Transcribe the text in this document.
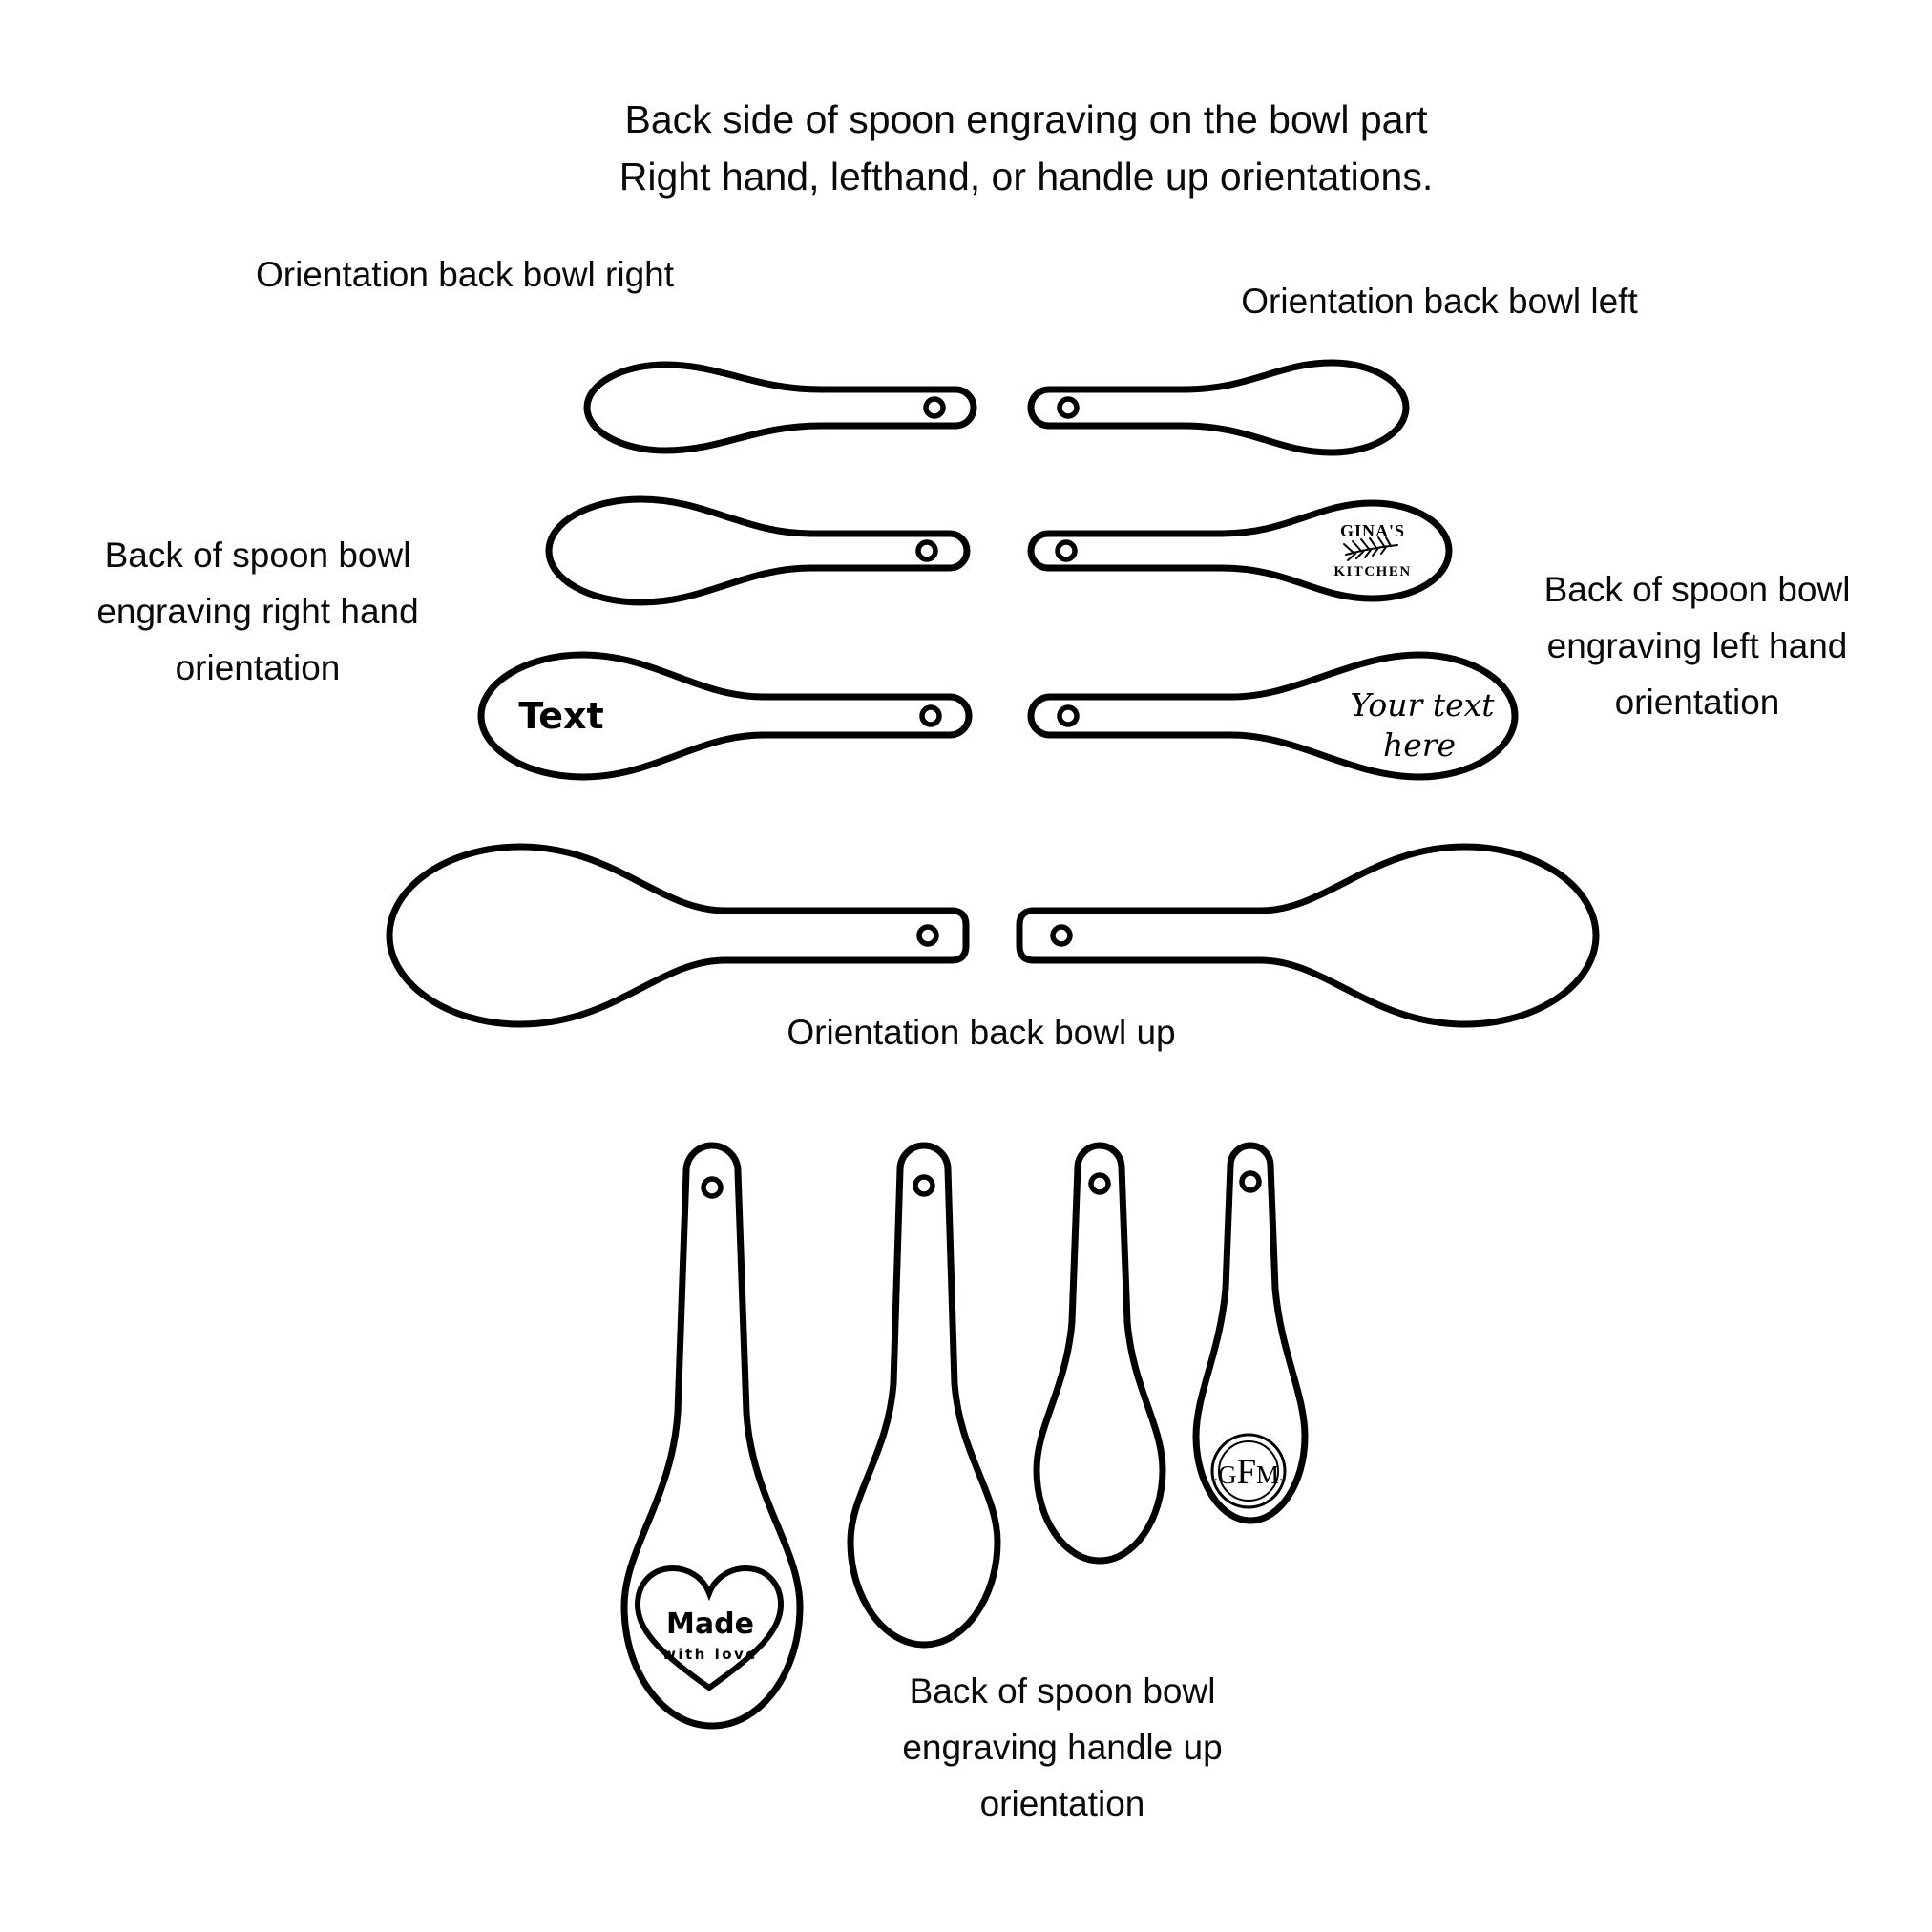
Back side of spoon engraving on the bowl part
Right hand, lefthand, or handle up orientations.
Orientation back bowl right
Orientation back bowl left
Back of spoon bowl
engraving right hand
orientation
Back of spoon bowl
engraving left hand
orientation
Orientation back bowl up
Back of spoon bowl
engraving handle up
orientation
GINA'S
KITCHEN
Text	Your text
here
Made
with love
·GFM·
